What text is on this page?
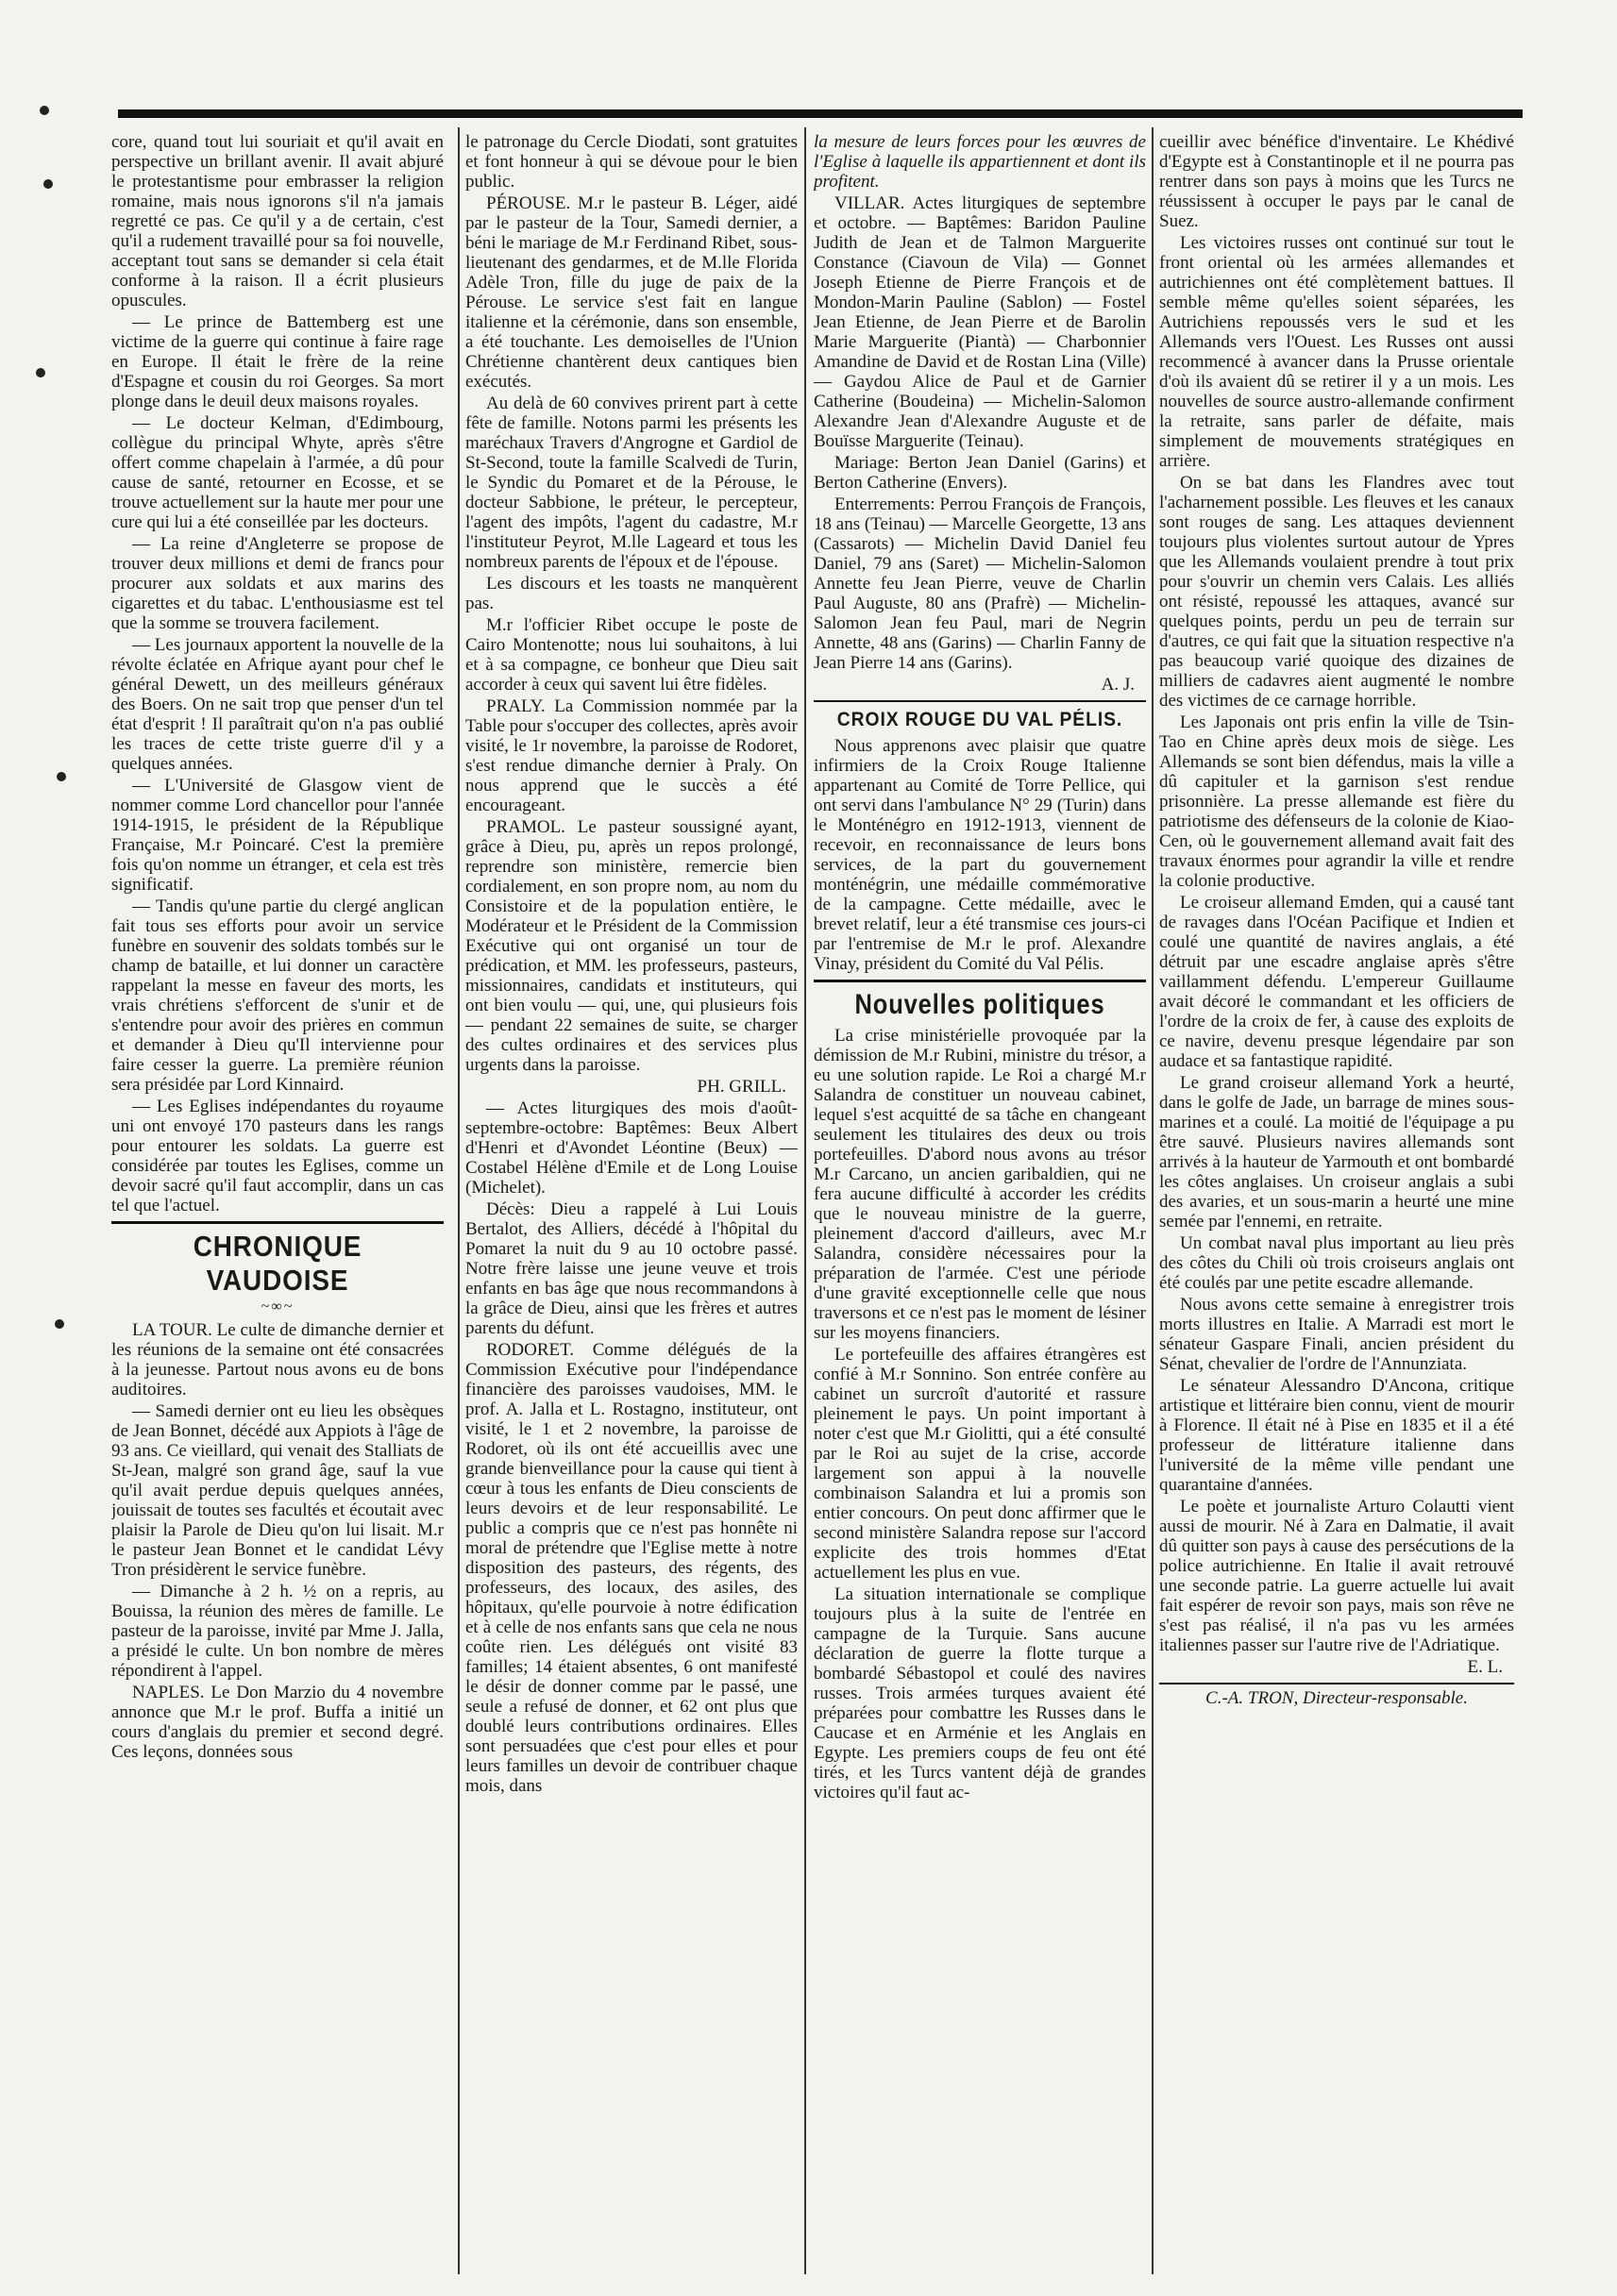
core, quand tout lui souriait et qu'il avait en perspective un brillant avenir. Il avait abjuré le protestantisme pour embrasser la religion romaine, mais nous ignorons s'il n'a jamais regretté ce pas. Ce qu'il y a de certain, c'est qu'il a rudement travaillé pour sa foi nouvelle, acceptant tout sans se demander si cela était conforme à la raison. Il a écrit plusieurs opuscules.

— Le prince de Battemberg est une victime de la guerre qui continue à faire rage en Europe. Il était le frère de la reine d'Espagne et cousin du roi Georges. Sa mort plonge dans le deuil deux maisons royales.

— Le docteur Kelman, d'Edimbourg, collègue du principal Whyte, après s'être offert comme chapelain à l'armée, a dû pour cause de santé, retourner en Ecosse, et se trouve actuellement sur la haute mer pour une cure qui lui a été conseillée par les docteurs.

— La reine d'Angleterre se propose de trouver deux millions et demi de francs pour procurer aux soldats et aux marins des cigarettes et du tabac. L'enthousiasme est tel que la somme se trouvera facilement.

— Les journaux apportent la nouvelle de la révolte éclatée en Afrique ayant pour chef le général Dewett, un des meilleurs généraux des Boers. On ne sait trop que penser d'un tel état d'esprit ! Il paraîtrait qu'on n'a pas oublié les traces de cette triste guerre d'il y a quelques années.

— L'Université de Glasgow vient de nommer comme Lord chancellor pour l'année 1914-1915, le président de la République Française, M.r Poincaré. C'est la première fois qu'on nomme un étranger, et cela est très significatif.

— Tandis qu'une partie du clergé anglican fait tous ses efforts pour avoir un service funèbre en souvenir des soldats tombés sur le champ de bataille, et lui donner un caractère rappelant la messe en faveur des morts, les vrais chrétiens s'efforcent de s'unir et de s'entendre pour avoir des prières en commun et demander à Dieu qu'Il intervienne pour faire cesser la guerre. La première réunion sera présidée par Lord Kinnaird.

— Les Eglises indépendantes du royaume uni ont envoyé 170 pasteurs dans les rangs pour entourer les soldats. La guerre est considérée par toutes les Eglises, comme un devoir sacré qu'il faut accomplir, dans un cas tel que l'actuel.

CHRONIQUE VAUDOISE
~∞~

LA TOUR. Le culte de dimanche dernier et les réunions de la semaine ont été consacrées à la jeunesse. Partout nous avons eu de bons auditoires.

— Samedi dernier ont eu lieu les obsèques de Jean Bonnet, décédé aux Appiots à l'âge de 93 ans. Ce vieillard, qui venait des Stalliats de St-Jean, malgré son grand âge, sauf la vue qu'il avait perdue depuis quelques années, jouissait de toutes ses facultés et écoutait avec plaisir la Parole de Dieu qu'on lui lisait. M.r le pasteur Jean Bonnet et le candidat Lévy Tron présidèrent le service funèbre.

— Dimanche à 2 h. ½ on a repris, au Bouissa, la réunion des mères de famille. Le pasteur de la paroisse, invité par Mme J. Jalla, a présidé le culte. Un bon nombre de mères répondirent à l'appel.

NAPLES. Le Don Marzio du 4 novembre annonce que M.r le prof. Buffa a initié un cours d'anglais du premier et second degré. Ces leçons, données sous

le patronage du Cercle Diodati, sont gratuites et font honneur à qui se dévoue pour le bien public.

PÉROUSE. M.r le pasteur B. Léger, aidé par le pasteur de la Tour, Samedi dernier, a béni le mariage de M.r Ferdinand Ribet, sous-lieutenant des gendarmes, et de M.lle Florida Adèle Tron, fille du juge de paix de la Pérouse. Le service s'est fait en langue italienne et la cérémonie, dans son ensemble, a été touchante. Les demoiselles de l'Union Chrétienne chantèrent deux cantiques bien exécutés.

Au delà de 60 convives prirent part à cette fête de famille. Notons parmi les présents les maréchaux Travers d'Angrogne et Gardiol de St-Second, toute la famille Scalvedi de Turin, le Syndic du Pomaret et de la Pérouse, le docteur Sabbione, le préteur, le percepteur, l'agent des impôts, l'agent du cadastre, M.r l'instituteur Peyrot, M.lle Lageard et tous les nombreux parents de l'époux et de l'épouse.

Les discours et les toasts ne manquèrent pas.

M.r l'officier Ribet occupe le poste de Cairo Montenotte; nous lui souhaitons, à lui et à sa compagne, ce bonheur que Dieu sait accorder à ceux qui savent lui être fidèles.

PRALY. La Commission nommée par la Table pour s'occuper des collectes, après avoir visité, le 1r novembre, la paroisse de Rodoret, s'est rendue dimanche dernier à Praly. On nous apprend que le succès a été encourageant.

PRAMOL. Le pasteur soussigné ayant, grâce à Dieu, pu, après un repos prolongé, reprendre son ministère, remercie bien cordialement, en son propre nom, au nom du Consistoire et de la population entière, le Modérateur et le Président de la Commission Exécutive qui ont organisé un tour de prédication, et MM. les professeurs, pasteurs, missionnaires, candidats et instituteurs, qui ont bien voulu — qui, une, qui plusieurs fois — pendant 22 semaines de suite, se charger des cultes ordinaires et des services plus urgents dans la paroisse.

PH. GRILL.

— Actes liturgiques des mois d'août-septembre-octobre: Baptêmes: Beux Albert d'Henri et d'Avondet Léontine (Beux) — Costabel Hélène d'Emile et de Long Louise (Michelet).

Décès: Dieu a rappelé à Lui Louis Bertalot, des Alliers, décédé à l'hôpital du Pomaret la nuit du 9 au 10 octobre passé. Notre frère laisse une jeune veuve et trois enfants en bas âge que nous recommandons à la grâce de Dieu, ainsi que les frères et autres parents du défunt.

RODORET. Comme délégués de la Commission Exécutive pour l'indépendance financière des paroisses vaudoises, MM. le prof. A. Jalla et L. Rostagno, instituteur, ont visité, le 1 et 2 novembre, la paroisse de Rodoret, où ils ont été accueillis avec une grande bienveillance pour la cause qui tient à cœur à tous les enfants de Dieu conscients de leurs devoirs et de leur responsabilité. Le public a compris que ce n'est pas honnête ni moral de prétendre que l'Eglise mette à notre disposition des pasteurs, des régents, des professeurs, des locaux, des asiles, des hôpitaux, qu'elle pourvoie à notre édification et à celle de nos enfants sans que cela ne nous coûte rien. Les délégués ont visité 83 familles; 14 étaient absentes, 6 ont manifesté le désir de donner comme par le passé, une seule a refusé de donner, et 62 ont plus que doublé leurs contributions ordinaires. Elles sont persuadées que c'est pour elles et pour leurs familles un devoir de contribuer chaque mois, dans

la mesure de leurs forces pour les œuvres de l'Eglise à laquelle ils appartiennent et dont ils profitent.

VILLAR. Actes liturgiques de septembre et octobre. — Baptêmes: Baridon Pauline Judith de Jean et de Talmon Marguerite Constance (Ciavoun de Vila) — Gonnet Joseph Etienne de Pierre François et de Mondon-Marin Pauline (Sablon) — Fostel Jean Etienne, de Jean Pierre et de Barolin Marie Marguerite (Piantà) — Charbonnier Amandine de David et de Rostan Lina (Ville) — Gaydou Alice de Paul et de Garnier Catherine (Boudeina) — Michelin-Salomon Alexandre Jean d'Alexandre Auguste et de Bouïsse Marguerite (Teinau).

Mariage: Berton Jean Daniel (Garins) et Berton Catherine (Envers).

Enterrements: Perrou François de François, 18 ans (Teinau) — Marcelle Georgette, 13 ans (Cassarots) — Michelin David Daniel feu Daniel, 79 ans (Saret) — Michelin-Salomon Annette feu Jean Pierre, veuve de Charlin Paul Auguste, 80 ans (Prafrè) — Michelin-Salomon Jean feu Paul, mari de Negrin Annette, 48 ans (Garins) — Charlin Fanny de Jean Pierre 14 ans (Garins).

A. J.

CROIX ROUGE DU VAL PÉLIS.

Nous apprenons avec plaisir que quatre infirmiers de la Croix Rouge Italienne appartenant au Comité de Torre Pellice, qui ont servi dans l'ambulance N° 29 (Turin) dans le Monténégro en 1912-1913, viennent de recevoir, en reconnaissance de leurs bons services, de la part du gouvernement monténégrin, une médaille commémorative de la campagne. Cette médaille, avec le brevet relatif, leur a été transmise ces jours-ci par l'entremise de M.r le prof. Alexandre Vinay, président du Comité du Val Pélis.

Nouvelles politiques

La crise ministérielle provoquée par la démission de M.r Rubini, ministre du trésor, a eu une solution rapide. Le Roi a chargé M.r Salandra de constituer un nouveau cabinet, lequel s'est acquitté de sa tâche en changeant seulement les titulaires des deux ou trois portefeuilles. D'abord nous avons au trésor M.r Carcano, un ancien garibaldien, qui ne fera aucune difficulté à accorder les crédits que le nouveau ministre de la guerre, pleinement d'accord d'ailleurs, avec M.r Salandra, considère nécessaires pour la préparation de l'armée. C'est une période d'une gravité exceptionnelle celle que nous traversons et ce n'est pas le moment de lésiner sur les moyens financiers.

Le portefeuille des affaires étrangères est confié à M.r Sonnino. Son entrée confère au cabinet un surcroît d'autorité et rassure pleinement le pays. Un point important à noter c'est que M.r Giolitti, qui a été consulté par le Roi au sujet de la crise, accorde largement son appui à la nouvelle combinaison Salandra et lui a promis son entier concours. On peut donc affirmer que le second ministère Salandra repose sur l'accord explicite des trois hommes d'Etat actuellement les plus en vue.

La situation internationale se complique toujours plus à la suite de l'entrée en campagne de la Turquie. Sans aucune déclaration de guerre la flotte turque a bombardé Sébastopol et coulé des navires russes. Trois armées turques avaient été préparées pour combattre les Russes dans le Caucase et en Arménie et les Anglais en Egypte. Les premiers coups de feu ont été tirés, et les Turcs vantent déjà de grandes victoires qu'il faut ac-

cueillir avec bénéfice d'inventaire. Le Khédivé d'Egypte est à Constantinople et il ne pourra pas rentrer dans son pays à moins que les Turcs ne réussissent à occuper le pays par le canal de Suez.

Les victoires russes ont continué sur tout le front oriental où les armées allemandes et autrichiennes ont été complètement battues. Il semble même qu'elles soient séparées, les Autrichiens repoussés vers le sud et les Allemands vers l'Ouest. Les Russes ont aussi recommencé à avancer dans la Prusse orientale d'où ils avaient dû se retirer il y a un mois. Les nouvelles de source austro-allemande confirment la retraite, sans parler de défaite, mais simplement de mouvements stratégiques en arrière.

On se bat dans les Flandres avec tout l'acharnement possible. Les fleuves et les canaux sont rouges de sang. Les attaques deviennent toujours plus violentes surtout autour de Ypres que les Allemands voulaient prendre à tout prix pour s'ouvrir un chemin vers Calais. Les alliés ont résisté, repoussé les attaques, avancé sur quelques points, perdu un peu de terrain sur d'autres, ce qui fait que la situation respective n'a pas beaucoup varié quoique des dizaines de milliers de cadavres aient augmenté le nombre des victimes de ce carnage horrible.

Les Japonais ont pris enfin la ville de Tsin-Tao en Chine après deux mois de siège. Les Allemands se sont bien défendus, mais la ville a dû capituler et la garnison s'est rendue prisonnière. La presse allemande est fière du patriotisme des défenseurs de la colonie de Kiao-Cen, où le gouvernement allemand avait fait des travaux énormes pour agrandir la ville et rendre la colonie productive.

Le croiseur allemand Emden, qui a causé tant de ravages dans l'Océan Pacifique et Indien et coulé une quantité de navires anglais, a été détruit par une escadre anglaise après s'être vaillamment défendu. L'empereur Guillaume avait décoré le commandant et les officiers de l'ordre de la croix de fer, à cause des exploits de ce navire, devenu presque légendaire par son audace et sa fantastique rapidité.

Le grand croiseur allemand York a heurté, dans le golfe de Jade, un barrage de mines sous-marines et a coulé. La moitié de l'équipage a pu être sauvé. Plusieurs navires allemands sont arrivés à la hauteur de Yarmouth et ont bombardé les côtes anglaises. Un croiseur anglais a subi des avaries, et un sous-marin a heurté une mine semée par l'ennemi, en retraite.

Un combat naval plus important au lieu près des côtes du Chili où trois croiseurs anglais ont été coulés par une petite escadre allemande.

Nous avons cette semaine à enregistrer trois morts illustres en Italie. A Marradi est mort le sénateur Gaspare Finali, ancien président du Sénat, chevalier de l'ordre de l'Annunziata.

Le sénateur Alessandro D'Ancona, critique artistique et littéraire bien connu, vient de mourir à Florence. Il était né à Pise en 1835 et il a été professeur de littérature italienne dans l'université de la même ville pendant une quarantaine d'années.

Le poète et journaliste Arturo Colautti vient aussi de mourir. Né à Zara en Dalmatie, il avait dû quitter son pays à cause des persécutions de la police autrichienne. En Italie il avait retrouvé une seconde patrie. La guerre actuelle lui avait fait espérer de revoir son pays, mais son rêve ne s'est pas réalisé, il n'a pas vu les armées italiennes passer sur l'autre rive de l'Adriatique.

E. L.

C.-A. TRON, Directeur-responsable.
